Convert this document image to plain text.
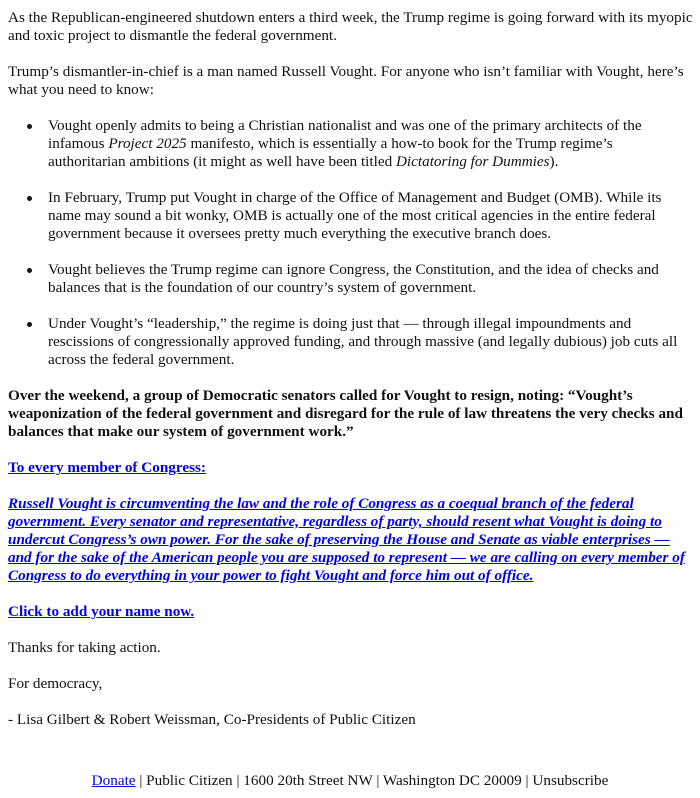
As the Republican-engineered shutdown enters a third week, the Trump regime is going forward with its myopic and toxic project to dismantle the federal government.

Trump’s dismantler-in-chief is a man named Russell Vought. For anyone who isn’t familiar with Vought, here’s what you need to know:

Vought openly admits to being a Christian nationalist and was one of the primary architects of the infamous Project 2025 manifesto, which is essentially a how-to book for the Trump regime’s authoritarian ambitions (it might as well have been titled Dictatoring for Dummies).
In February, Trump put Vought in charge of the Office of Management and Budget (OMB). While its name may sound a bit wonky, OMB is actually one of the most critical agencies in the entire federal government because it oversees pretty much everything the executive branch does.
Vought believes the Trump regime can ignore Congress, the Constitution, and the idea of checks and balances that is the foundation of our country’s system of government.
Under Vought’s “leadership,” the regime is doing just that — through illegal impoundments and rescissions of congressionally approved funding, and through massive (and legally dubious) job cuts all across the federal government.

Over the weekend, a group of Democratic senators called for Vought to resign, noting: “Vought’s weaponization of the federal government and disregard for the rule of law threatens the very checks and balances that make our system of government work.”

To every member of Congress:

Russell Vought is circumventing the law and the role of Congress as a coequal branch of the federal government. Every senator and representative, regardless of party, should resent what Vought is doing to undercut Congress’s own power. For the sake of preserving the House and Senate as viable enterprises — and for the sake of the American people you are supposed to represent — we are calling on every member of Congress to do everything in your power to fight Vought and force him out of office.

Click to add your name now.

Thanks for taking action.

For democracy,

- Lisa Gilbert & Robert Weissman, Co-Presidents of Public Citizen

Donate | Public Citizen | 1600 20th Street NW | Washington DC 20009 | Unsubscribe
